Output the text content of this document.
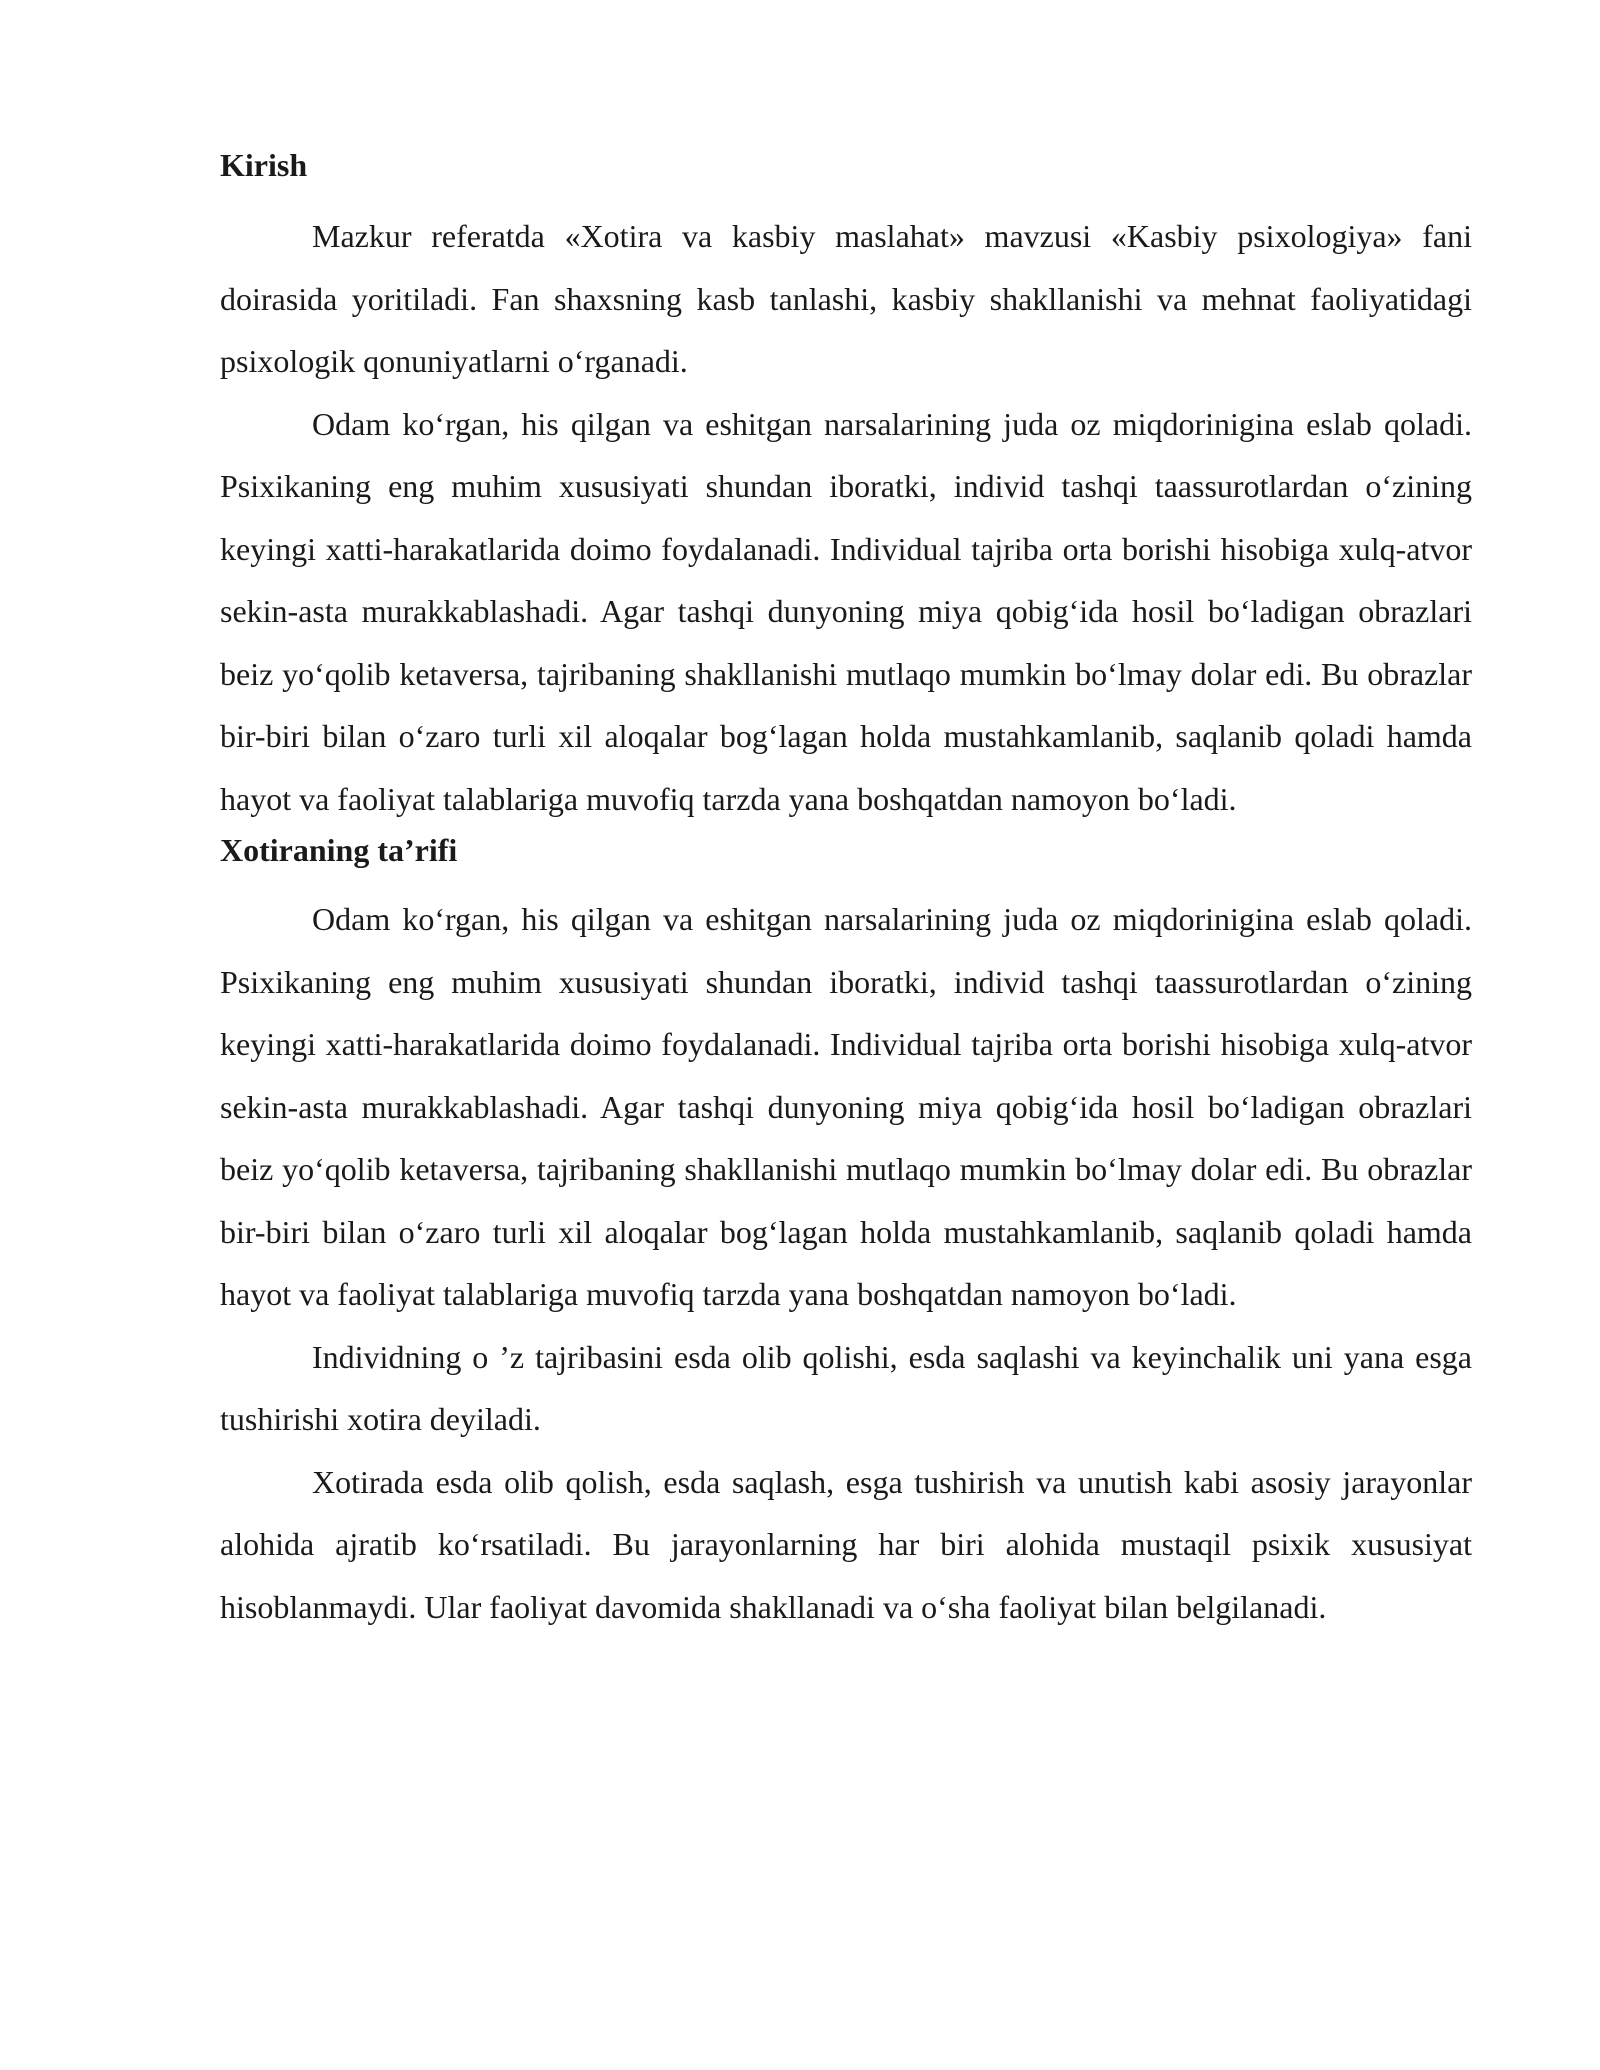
Kirish

Mazkur referatda «Xotira va kasbiy maslahat» mavzusi «Kasbiy psixologiya» fani doirasida yoritiladi. Fan shaxsning kasb tanlashi, kasbiy shakllanishi va mehnat faoliyatidagi psixologik qonuniyatlarni o‘rganadi.

Odam ko‘rgan, his qilgan va eshitgan narsalarining juda oz miqdorinigina eslab qoladi. Psixikaning eng muhim xususiyati shundan iboratki, individ tashqi taassurotlardan o‘zining keyingi xatti-harakatlarida doimo foydalanadi. Individual tajriba orta borishi hisobiga xulq-atvor sekin-asta murakkablashadi. Agar tashqi dunyoning miya qobig‘ida hosil bo‘ladigan obrazlari beiz yo‘qolib ketaversa, tajribaning shakllanishi mutlaqo mumkin bo‘lmay dolar edi. Bu obrazlar bir-biri bilan o‘zaro turli xil aloqalar bog‘lagan holda mustahkamlanib, saqlanib qoladi hamda hayot va faoliyat talablariga muvofiq tarzda yana boshqatdan namoyon bo‘ladi.

Xotiraning ta’rifi

Odam ko‘rgan, his qilgan va eshitgan narsalarining juda oz miqdorinigina eslab qoladi. Psixikaning eng muhim xususiyati shundan iboratki, individ tashqi taassurotlardan o‘zining keyingi xatti-harakatlarida doimo foydalanadi. Individual tajriba orta borishi hisobiga xulq-atvor sekin-asta murakkablashadi. Agar tashqi dunyoning miya qobig‘ida hosil bo‘ladigan obrazlari beiz yo‘qolib ketaversa, tajribaning shakllanishi mutlaqo mumkin bo‘lmay dolar edi. Bu obrazlar bir-biri bilan o‘zaro turli xil aloqalar bog‘lagan holda mustahkamlanib, saqlanib qoladi hamda hayot va faoliyat talablariga muvofiq tarzda yana boshqatdan namoyon bo‘ladi.

Individning o ’z tajribasini esda olib qolishi, esda saqlashi va keyinchalik uni yana esga tushirishi xotira deyiladi.

Xotirada esda olib qolish, esda saqlash, esga tushirish va unutish kabi asosiy jarayonlar alohida ajratib ko‘rsatiladi. Bu jarayonlarning har biri alohida mustaqil psixik xususiyat hisoblanmaydi. Ular faoliyat davomida shakllanadi va o‘sha faoliyat bilan belgilanadi.
